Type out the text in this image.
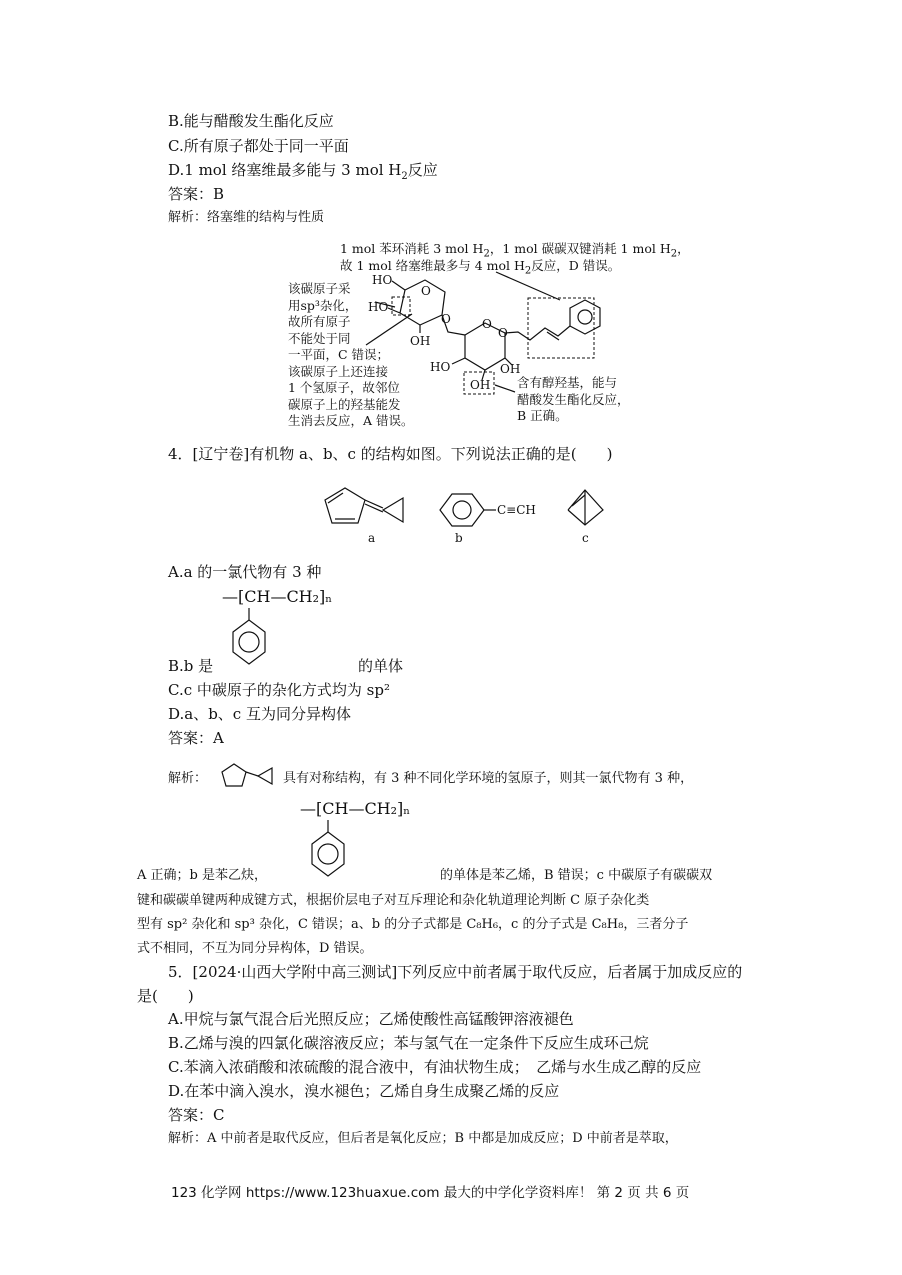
B.能与醋酸发生酯化反应
C.所有原子都处于同一平面
D.1 mol 络塞维最多能与 3 mol $H_2$反应
答案：B
解析：络塞维的结构与性质
1 mol 苯环消耗 3 mol $H_2$，1 mol 碳碳双键消耗 1 mol $H_2$，
故 1 mol 络塞维最多与 4 mol $H_2$反应，D 错误。
该碳原子采
用sp³杂化，
故所有原子
不能处于同
一平面，C 错误；
该碳原子上还连接
1 个氢原子，故邻位
碳原子上的羟基能发
生消去反应，A 错误。
含有醇羟基，能与
醋酸发生酯化反应，
B 正确。
HO
HO
OH
O
O	O
O
HO	OH
OH
4．[辽宁卷]有机物 a、b、c 的结构如图。下列说法正确的是(　　)
a
C≡CH
b	c
A.a 的一氯代物有 3 种
—[CH—CH₂]ₙ
B.b 是	的单体
C.c 中碳原子的杂化方式均为 sp²
D.a、b、c 互为同分异构体
答案：A
解析：	具有对称结构，有 3 种不同化学环境的氢原子，则其一氯代物有 3 种，
—[CH—CH₂]ₙ
A 正确；b 是苯乙炔，	的单体是苯乙烯，B 错误；c 中碳原子有碳碳双
键和碳碳单键两种成键方式，根据价层电子对互斥理论和杂化轨道理论判断 C 原子杂化类
型有 sp² 杂化和 sp³ 杂化，C 错误；a、b 的分子式都是 C₈H₆，c 的分子式是 C₈H₈，三者分子
式不相同，不互为同分异构体，D 错误。
5．[2024·山西大学附中高三测试]下列反应中前者属于取代反应，后者属于加成反应的
是(　　)
A.甲烷与氯气混合后光照反应；乙烯使酸性高锰酸钾溶液褪色
B.乙烯与溴的四氯化碳溶液反应；苯与氢气在一定条件下反应生成环己烷
C.苯滴入浓硝酸和浓硫酸的混合液中，有油状物生成；　乙烯与水生成乙醇的反应
D.在苯中滴入溴水，溴水褪色；乙烯自身生成聚乙烯的反应
答案：C
解析：A 中前者是取代反应，但后者是氧化反应；B 中都是加成反应；D 中前者是萃取，
123 化学网 https://www.123huaxue.com 最大的中学化学资料库！ 第 2 页 共 6 页
